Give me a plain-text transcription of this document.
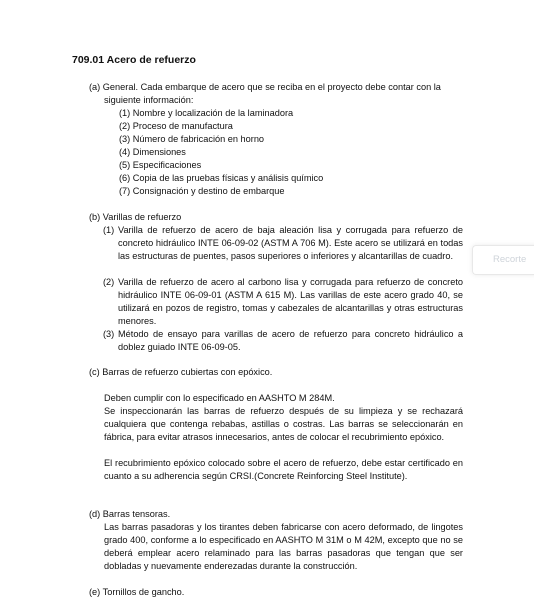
709.01 Acero de refuerzo
(a) General. Cada embarque de acero que se reciba en el proyecto debe contar con la
siguiente información:
(1) Nombre y localización de la laminadora
(2) Proceso de manufactura
(3) Número de fabricación en horno
(4) Dimensiones
(5) Especificaciones
(6) Copia de las pruebas físicas y análisis químico
(7) Consignación y destino de embarque
(b) Varillas de refuerzo
(1) Varilla de refuerzo de acero de baja aleación lisa y corrugada para refuerzo de concreto hidráulico INTE 06-09-02 (ASTM A 706 M). Este acero se utilizará en todas las estructuras de puentes, pasos superiores o inferiores y alcantarillas de cuadro.
(2) Varilla de refuerzo de acero al carbono lisa y corrugada para refuerzo de concreto hidráulico INTE 06-09-01 (ASTM A 615 M). Las varillas de este acero grado 40, se utilizará en pozos de registro, tomas y cabezales de alcantarillas y otras estructuras menores.
(3) Método de ensayo para varillas de acero de refuerzo para concreto hidráulico a doblez guiado INTE 06-09-05.
(c) Barras de refuerzo cubiertas con epóxico.
Deben cumplir con lo especificado en AASHTO M 284M.
Se inspeccionarán las barras de refuerzo después de su limpieza y se rechazará cualquiera que contenga rebabas, astillas o costras. Las barras se seleccionarán en fábrica, para evitar atrasos innecesarios, antes de colocar el recubrimiento epóxico.
El recubrimiento epóxico colocado sobre el acero de refuerzo, debe estar certificado en cuanto a su adherencia según CRSI.(Concrete Reinforcing Steel Institute).
(d) Barras tensoras.
Las barras pasadoras y los tirantes deben fabricarse con acero deformado, de lingotes grado 400, conforme a lo especificado en AASHTO M 31M o M 42M, excepto que no se deberá emplear acero relaminado para las barras pasadoras que tengan que ser dobladas y nuevamente enderezadas durante la construcción.
(e) Tornillos de gancho.
Recorte
